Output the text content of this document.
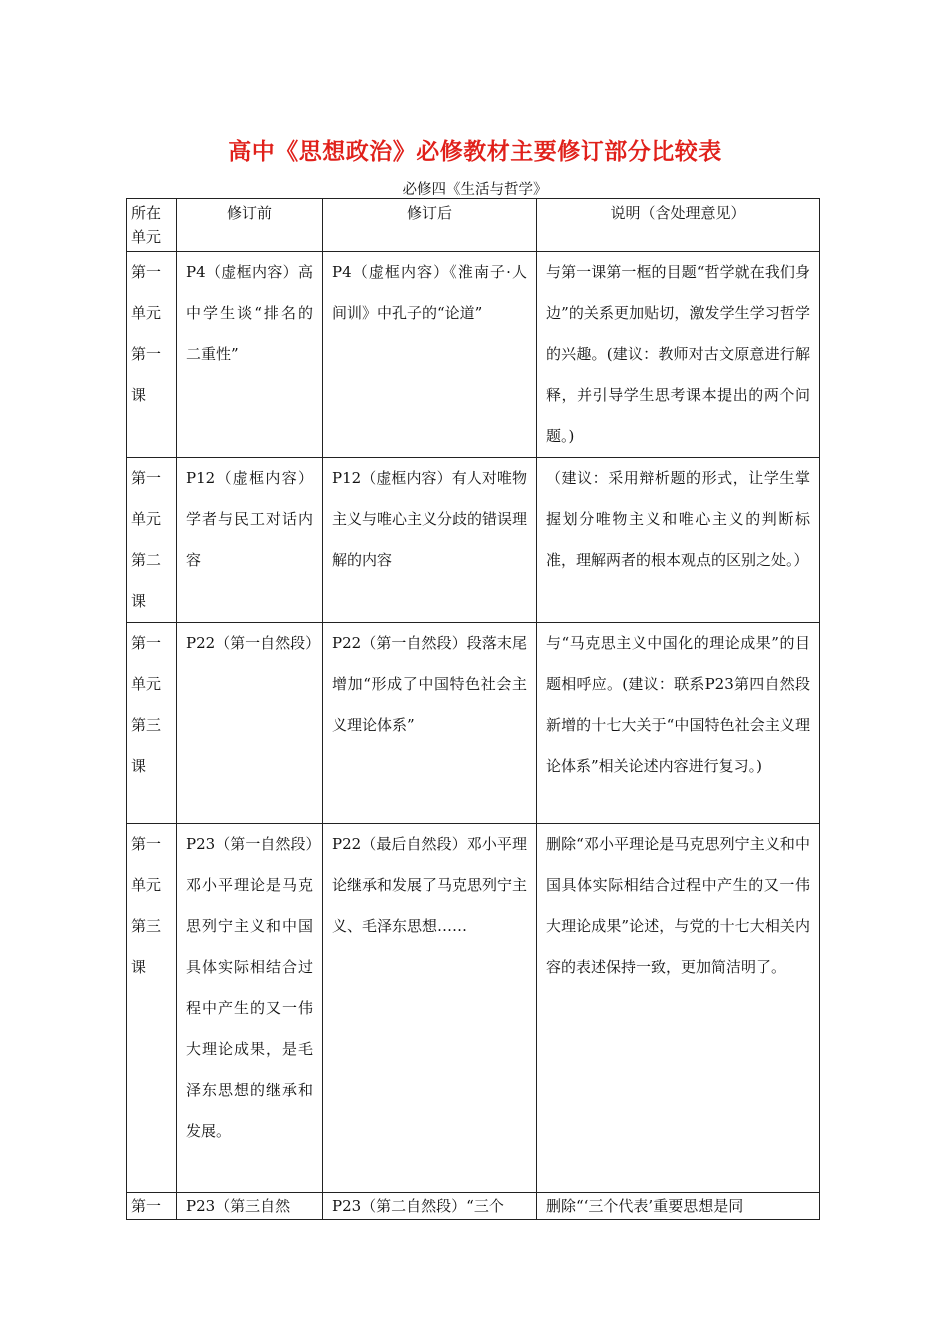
高中《思想政治》必修教材主要修订部分比较表

必修四《生活与哲学》

所在单元	修订前	修订后	说明（含处理意见）
第一单元第一课	P4（虚框内容）高中学生谈“排名的二重性”	P4（虚框内容）《淮南子·人间训》中孔子的“论道”	与第一课第一框的目题“哲学就在我们身边”的关系更加贴切，激发学生学习哲学的兴趣。(建议：教师对古文原意进行解释，并引导学生思考课本提出的两个问题。)
第一单元第二课	P12（虚框内容）学者与民工对话内容	P12（虚框内容）有人对唯物主义与唯心主义分歧的错误理解的内容	（建议：采用辩析题的形式，让学生掌握划分唯物主义和唯心主义的判断标准，理解两者的根本观点的区别之处。）
第一单元第三课	P22（第一自然段）	P22（第一自然段）段落末尾增加“形成了中国特色社会主义理论体系”	与“马克思主义中国化的理论成果”的目题相呼应。(建议：联系P23第四自然段新增的十七大关于“中国特色社会主义理论体系”相关论述内容进行复习。)
第一单元第三课	P23（第一自然段）邓小平理论是马克思列宁主义和中国具体实际相结合过程中产生的又一伟大理论成果，是毛泽东思想的继承和发展。	P22（最后自然段）邓小平理论继承和发展了马克思列宁主义、毛泽东思想……	删除“邓小平理论是马克思列宁主义和中国具体实际相结合过程中产生的又一伟大理论成果”论述，与党的十七大相关内容的表述保持一致，更加简洁明了。
第一	P23（第三自然	P23（第二自然段）“三个	删除“‘三个代表’重要思想是同
